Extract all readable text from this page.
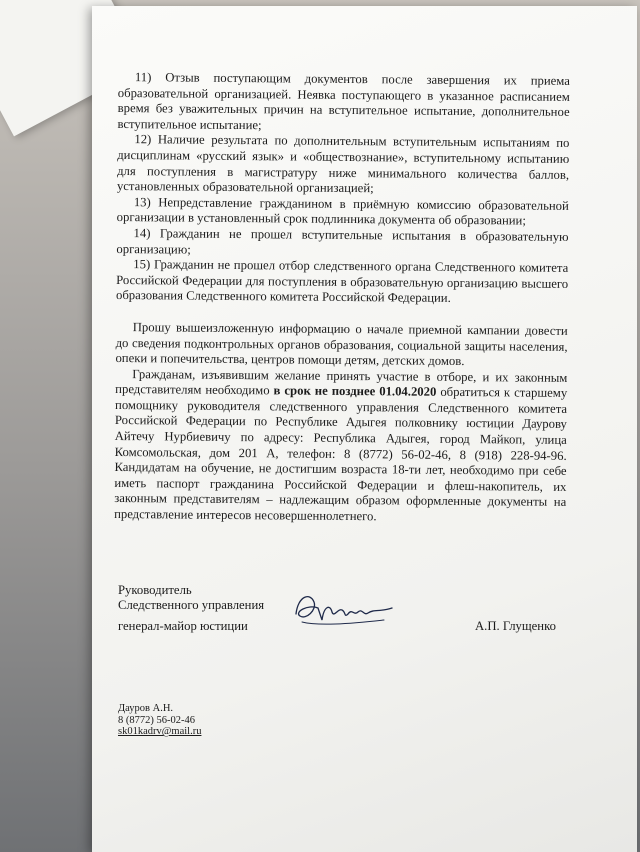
11) Отзыв поступающим документов после завершения их приема образовательной организацией. Неявка поступающего в указанное расписанием время без уважительных причин на вступительное испытание, дополнительное вступительное испытание;

12) Наличие результата по дополнительным вступительным испытаниям по дисциплинам «русский язык» и «обществознание», вступительному испытанию для поступления в магистратуру ниже минимального количества баллов, установленных образовательной организацией;

13) Непредставление гражданином в приёмную комиссию образовательной организации в установленный срок подлинника документа об образовании;

14) Гражданин не прошел вступительные испытания в образовательную организацию;

15) Гражданин не прошел отбор следственного органа Следственного комитета Российской Федерации для поступления в образовательную организацию высшего образования Следственного комитета Российской Федерации.

Прошу вышеизложенную информацию о начале приемной кампании довести до сведения подконтрольных органов образования, социальной защиты населения, опеки и попечительства, центров помощи детям, детских домов.

Гражданам, изъявившим желание принять участие в отборе, и их законным представителям необходимо в срок не позднее 01.04.2020 обратиться к старшему помощнику руководителя следственного управления Следственного комитета Российской Федерации по Республике Адыгея полковнику юстиции Даурову Айтечу Нурбиевичу по адресу: Республика Адыгея, город Майкоп, улица Комсомольская, дом 201 А, телефон: 8 (8772) 56-02-46, 8 (918) 228-94-96. Кандидатам на обучение, не достигшим возраста 18-ти лет, необходимо при себе иметь паспорт гражданина Российской Федерации и флеш-накопитель, их законным представителям – надлежащим образом оформленные документы на представление интересов несовершеннолетнего.

Руководитель
Следственного управления
генерал-майор юстиции	А.П. Глущенко
Дауров А.Н.
8 (8772) 56-02-46
sk01kadrv@mail.ru
